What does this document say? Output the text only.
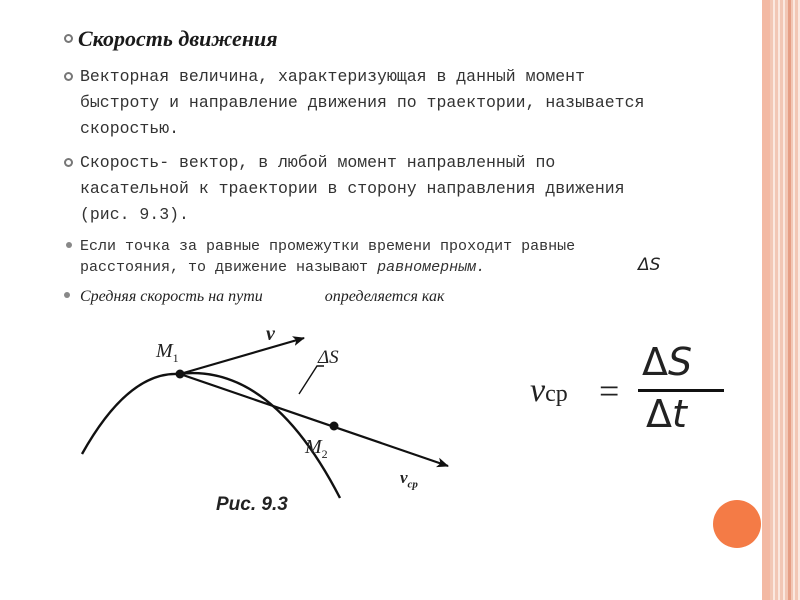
Скорость движения

Векторная величина, характеризующая в данный момент
быстроту и направление движения по траектории, называется
скоростью.
Скорость- вектор, в любой момент направленный по
касательной к траектории в сторону направления движения
(рис. 9.3).
Если точка за равные промежутки времени проходит равные
расстояния, то движение называют равномерным.	ΔS
Средняя скорость на пути	определяется как
$M_1$
$M_2$
v
ΔS
$v_{ср}$
Рис. 9.3
vср =
ΔS
Δt
